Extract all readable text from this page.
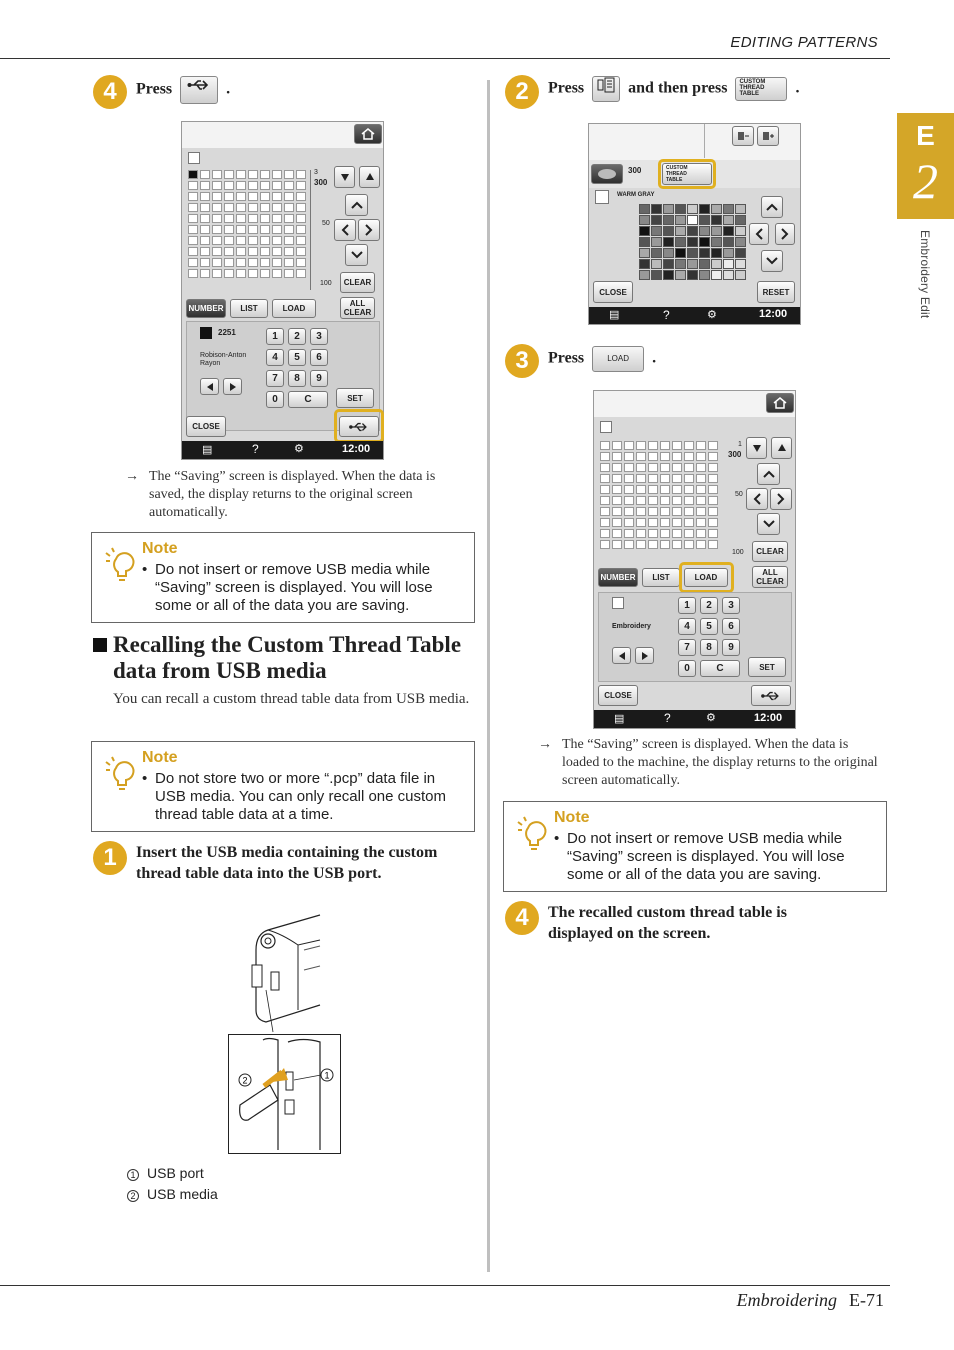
EDITING PATTERNS
Embroidering E-71
E
2
Embroidery Edit
4	Press	.
3
300
50
100	CLEAR
ALL
CLEAR
NUMBER	LIST	LOAD
2251
Robison-Anton
Rayon
1	2	3
4	5	6
7	8	9
0	C	SET
CLOSE
▤	?	⚙	12:00
→ The “Saving” screen is displayed. When the data is saved, the display returns to the original screen automatically.
Note
• Do not insert or remove USB media while
“Saving” screen is displayed. You will lose
some or all of the data you are saving.
Recalling the Custom Thread Table data from USB media
You can recall a custom thread table data from USB media.
Note
• Do not store two or more “.pcp” data file in
USB media. You can only recall one custom
thread table data at a time.
1	Insert the USB media containing the custom thread table data into the USB port.
2	1
1 USB port
2 USB media
2	Press	and then press CUSTOM
THREAD
TABLE .
300	CUSTOM
THREAD
TABLE
WARM GRAY
CLOSE	RESET
▤	?	⚙	12:00
3	Press	LOAD .
1
300
50
100	CLEAR
ALL
CLEAR
NUMBER	LIST	LOAD
Embroidery
1	2	3
4	5	6
7	8	9
0	C	SET
CLOSE
▤	?	⚙	12:00
→ The “Saving” screen is displayed. When the data is loaded to the machine, the display returns to the original screen automatically.
Note
• Do not insert or remove USB media while
“Saving” screen is displayed. You will lose
some or all of the data you are saving.
4	The recalled custom thread table is displayed on the screen.
